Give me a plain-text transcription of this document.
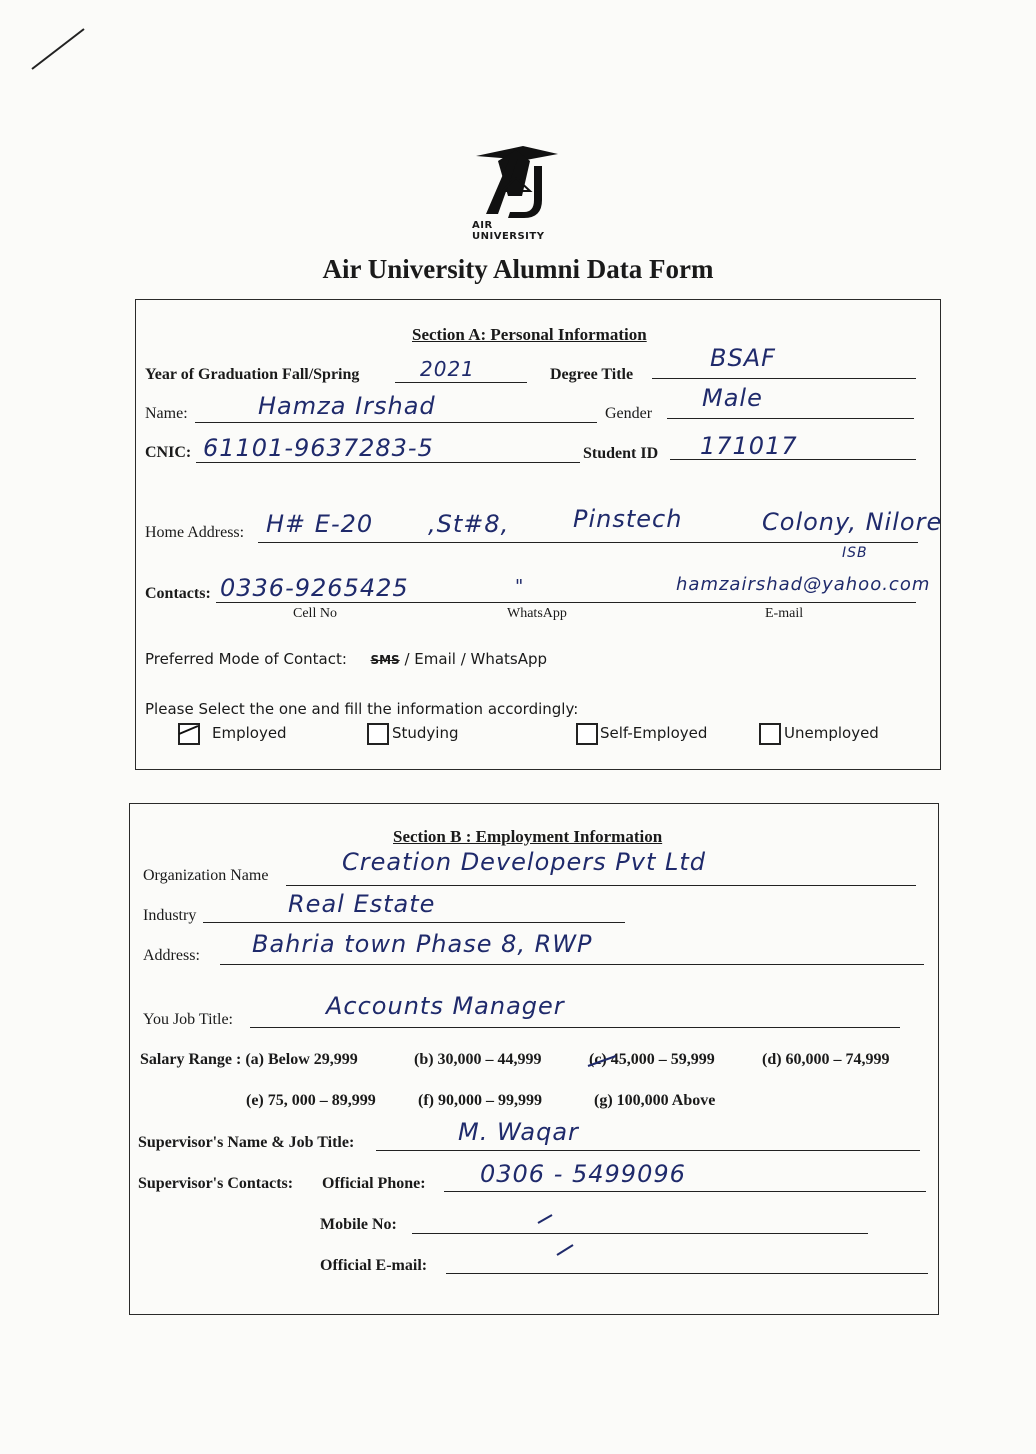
AIR UNIVERSITY
Air University Alumni Data Form
Section A: Personal Information
Year of Graduation Fall/Spring	2021	Degree Title
BSAF
Name:	Hamza Irshad	Gender
Male
CNIC: 61101-9637283-5	Student ID 171017
Home Address: H# E-20 ,St#8,	Pinstech	Colony, Nilore
ISB
Contacts: 0336-9265425	"	hamzairshad@yahoo.com
Cell No	WhatsApp	E-mail
Preferred Mode of Contact: SMS / Email / WhatsApp
Please Select the one and fill the information accordingly:
Employed	Studying	Self-Employed	Unemployed
Section B : Employment Information
Organization Name	Creation Developers Pvt Ltd
Industry	Real Estate
Address: Bahria town Phase 8, RWP
You Job Title:	Accounts Manager
Salary Range : (a) Below 29,999	(b) 30,000 – 44,999	(c) 45,000 – 59,999	(d) 60,000 – 74,999
(e) 75, 000 – 89,999	(f) 90,000 – 99,999	(g) 100,000 Above
Supervisor's Name & Job Title:	M. Waqar
Supervisor's Contacts: Official Phone: 0306 - 5499096
Mobile No:
Official E-mail:
